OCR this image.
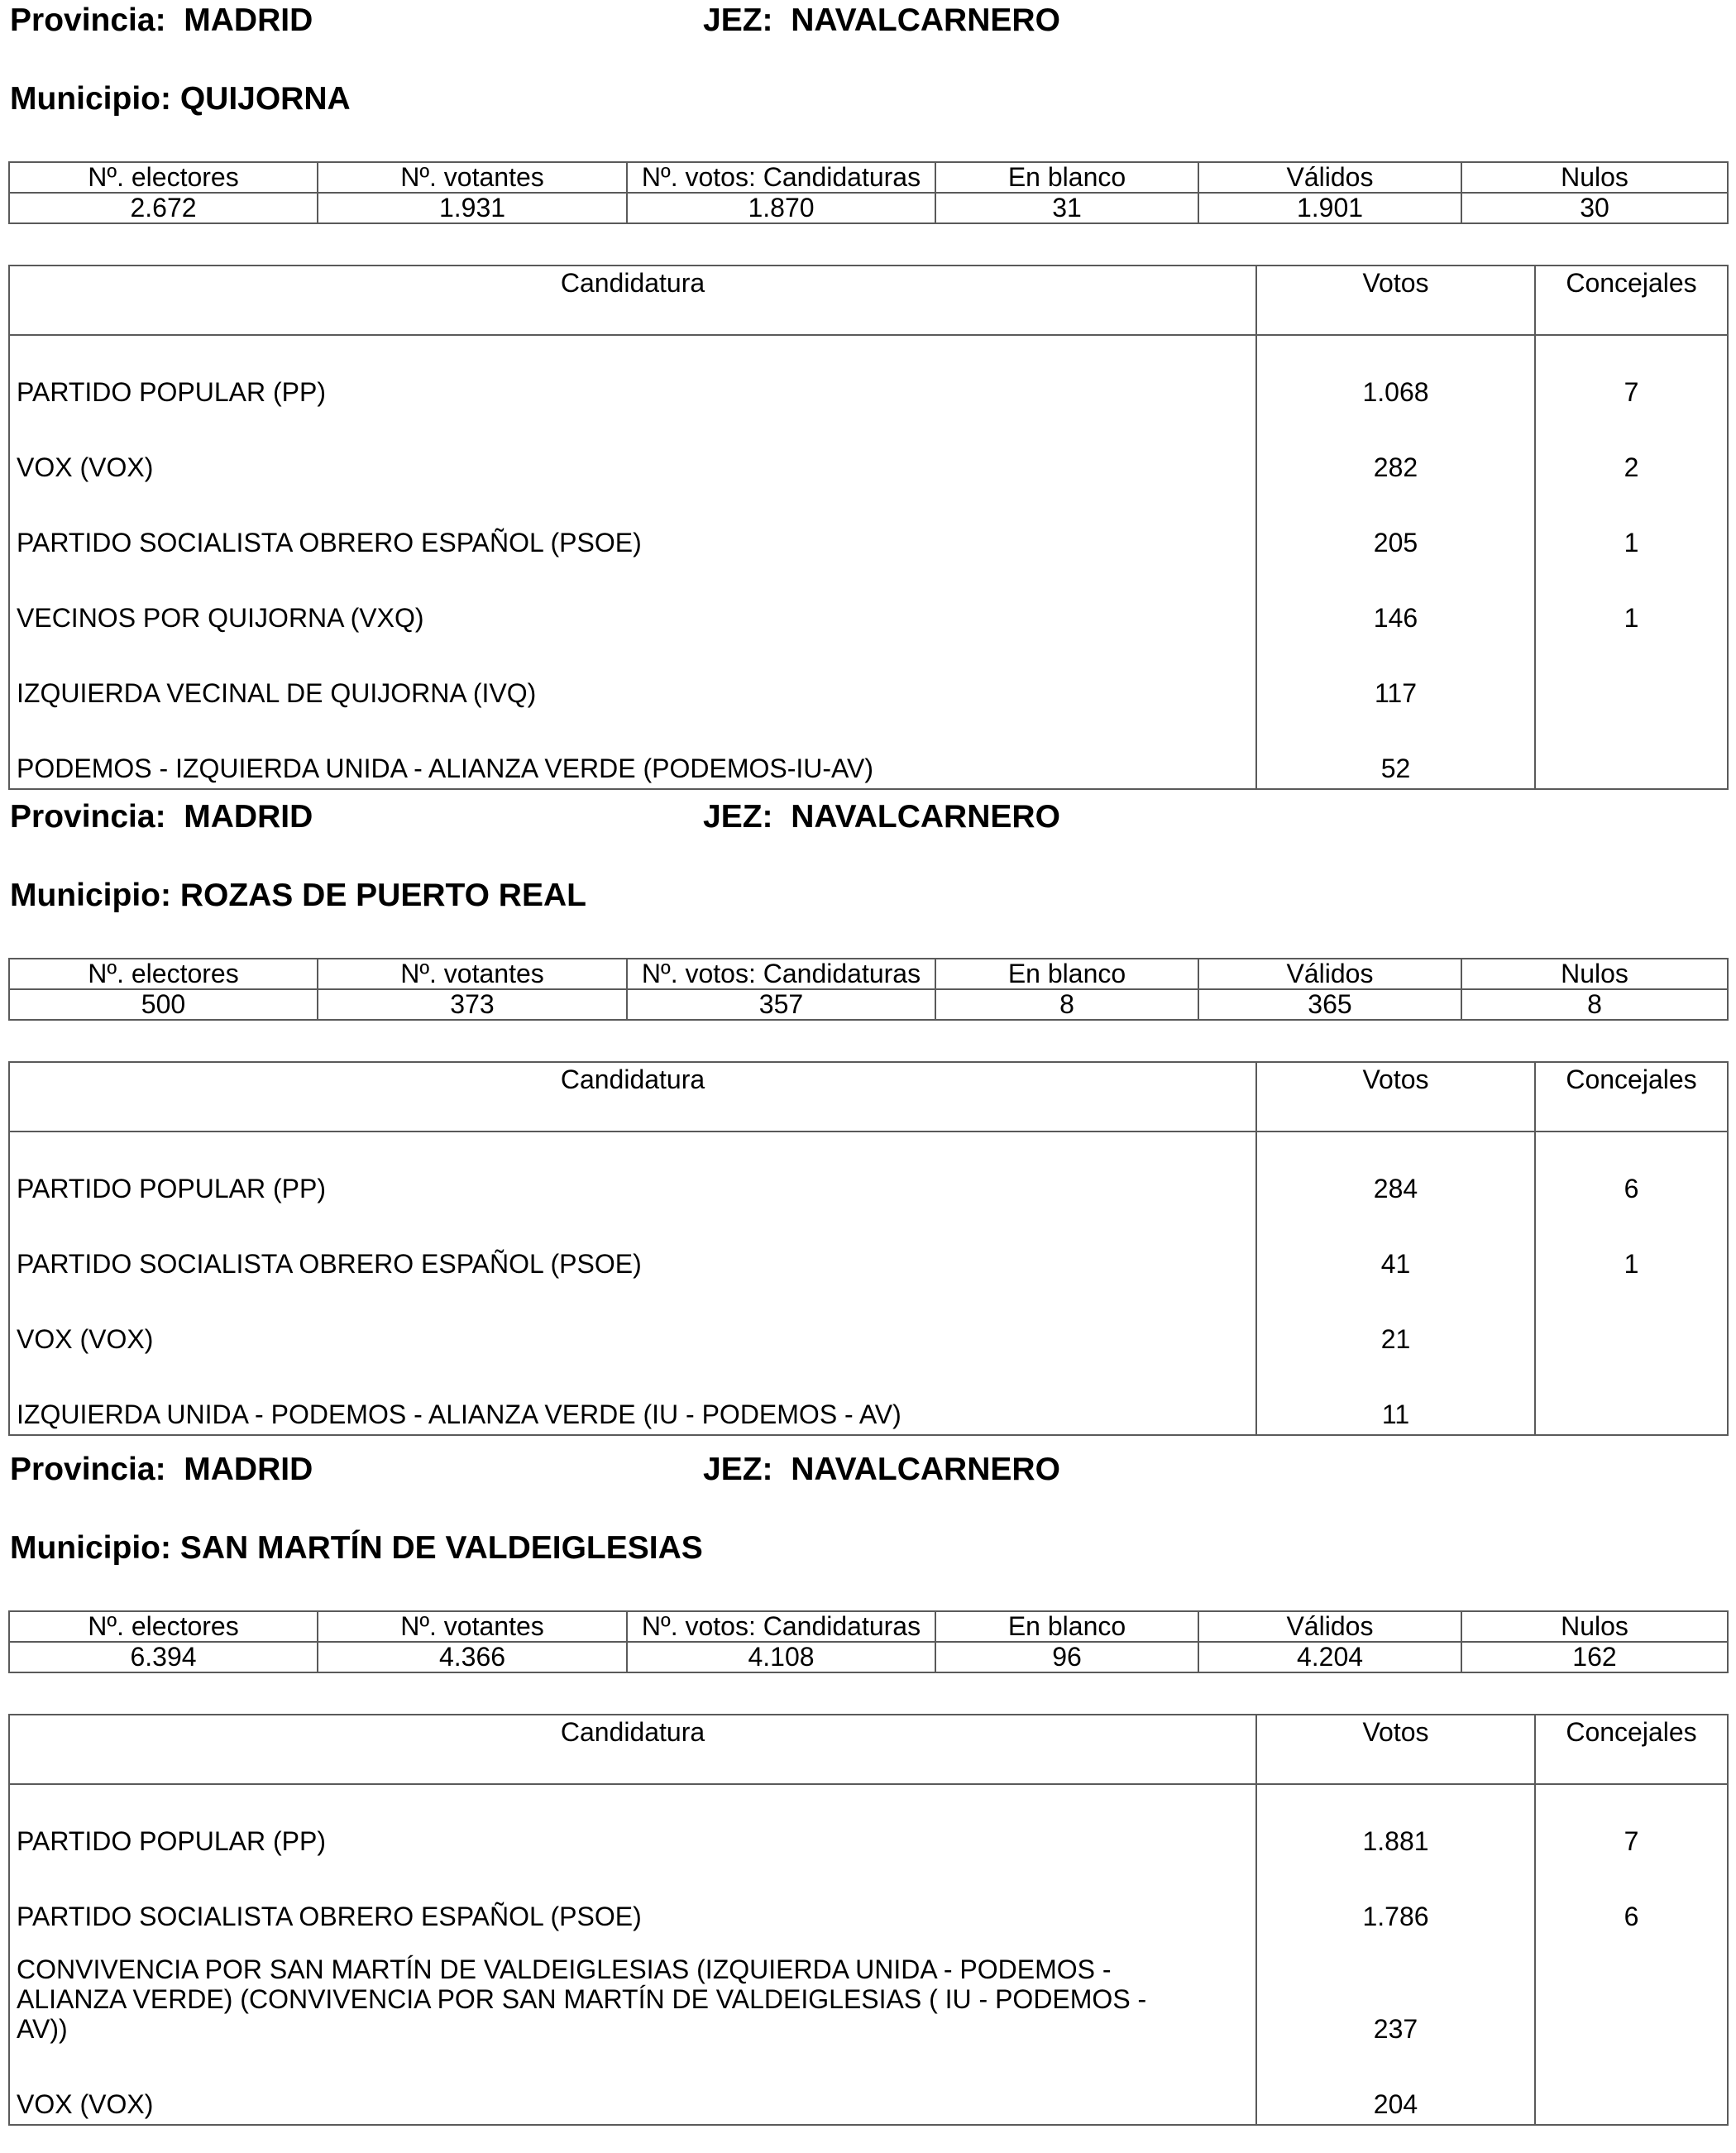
Provincia: MADRID	JEZ: NAVALCARNERO
Municipio: QUIJORNA
Nº. electores	Nº. votantes	Nº. votos: Candidaturas	En blanco	Válidos	Nulos
2.672	1.931	1.870	31	1.901	30
Candidatura	Votos	Concejales
PARTIDO POPULAR (PP)	1.068	7
VOX (VOX)	282	2
PARTIDO SOCIALISTA OBRERO ESPAÑOL (PSOE)	205	1
VECINOS POR QUIJORNA (VXQ)	146	1
IZQUIERDA VECINAL DE QUIJORNA (IVQ)	117	
PODEMOS - IZQUIERDA UNIDA - ALIANZA VERDE (PODEMOS-IU-AV)	52	
Provincia: MADRID	JEZ: NAVALCARNERO
Municipio: ROZAS DE PUERTO REAL
Nº. electores	Nº. votantes	Nº. votos: Candidaturas	En blanco	Válidos	Nulos
500	373	357	8	365	8
Candidatura	Votos	Concejales
PARTIDO POPULAR (PP)	284	6
PARTIDO SOCIALISTA OBRERO ESPAÑOL (PSOE)	41	1
VOX (VOX)	21	
IZQUIERDA UNIDA - PODEMOS - ALIANZA VERDE (IU - PODEMOS - AV)	11	
Provincia: MADRID	JEZ: NAVALCARNERO
Municipio: SAN MARTÍN DE VALDEIGLESIAS
Nº. electores	Nº. votantes	Nº. votos: Candidaturas	En blanco	Válidos	Nulos
6.394	4.366	4.108	96	4.204	162
Candidatura	Votos	Concejales
PARTIDO POPULAR (PP)	1.881	7
PARTIDO SOCIALISTA OBRERO ESPAÑOL (PSOE)	1.786	6
CONVIVENCIA POR SAN MARTÍN DE VALDEIGLESIAS (IZQUIERDA UNIDA - PODEMOS - ALIANZA VERDE) (CONVIVENCIA POR SAN MARTÍN DE VALDEIGLESIAS ( IU - PODEMOS - AV))	237	
VOX (VOX)	204	
